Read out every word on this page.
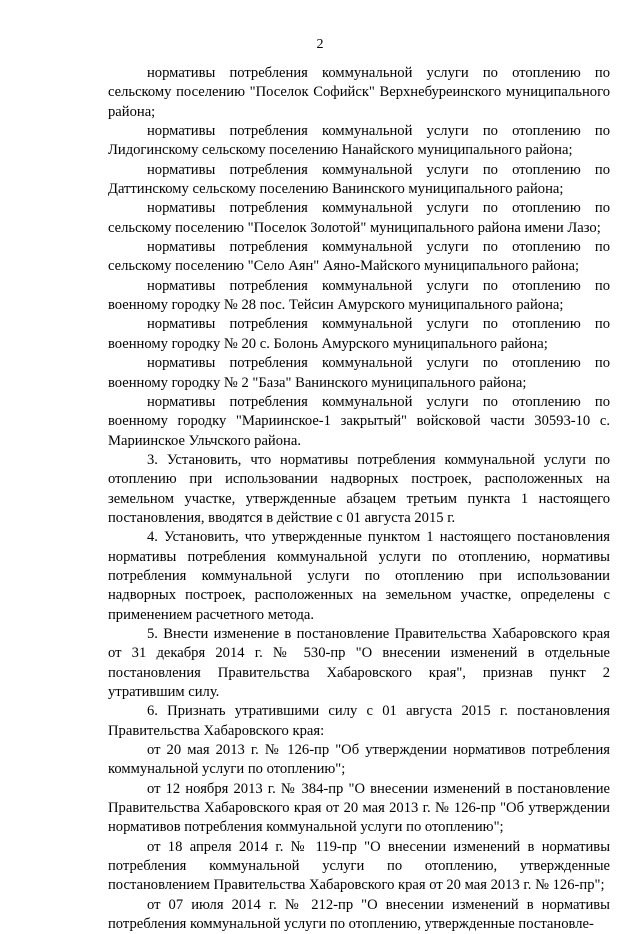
2

нормативы потребления коммунальной услуги по отоплению по сельскому поселению "Поселок Софийск" Верхнебуреинского муниципального района;

нормативы потребления коммунальной услуги по отоплению по Лидогинскому сельскому поселению Нанайского муниципального района;

нормативы потребления коммунальной услуги по отоплению по Даттинскому сельскому поселению Ванинского муниципального района;

нормативы потребления коммунальной услуги по отоплению по сельскому поселению "Поселок Золотой" муниципального района имени Лазо;

нормативы потребления коммунальной услуги по отоплению по сельскому поселению "Село Аян" Аяно-Майского муниципального района;

нормативы потребления коммунальной услуги по отоплению по военному городку № 28 пос. Тейсин Амурского муниципального района;

нормативы потребления коммунальной услуги по отоплению по военному городку № 20 с. Болонь Амурского муниципального района;

нормативы потребления коммунальной услуги по отоплению по военному городку № 2 "База" Ванинского муниципального района;

нормативы потребления коммунальной услуги по отоплению по военному городку "Мариинское-1 закрытый" войсковой части 30593-10 с. Мариинское Ульчского района.

3. Установить, что нормативы потребления коммунальной услуги по отоплению при использовании надворных построек, расположенных на земельном участке, утвержденные абзацем третьим пункта 1 настоящего постановления, вводятся в действие с 01 августа 2015 г.

4. Установить, что утвержденные пунктом 1 настоящего постановления нормативы потребления коммунальной услуги по отоплению, нормативы потребления коммунальной услуги по отоплению при использовании надворных построек, расположенных на земельном участке, определены с применением расчетного метода.

5. Внести изменение в постановление Правительства Хабаровского края от 31 декабря 2014 г. № 530-пр "О внесении изменений в отдельные постановления Правительства Хабаровского края", признав пункт 2 утратившим силу.

6. Признать утратившими силу с 01 августа 2015 г. постановления Правительства Хабаровского края:

от 20 мая 2013 г. № 126-пр "Об утверждении нормативов потребления коммунальной услуги по отоплению";

от 12 ноября 2013 г. № 384-пр "О внесении изменений в постановление Правительства Хабаровского края от 20 мая 2013 г. № 126-пр "Об утверждении нормативов потребления коммунальной услуги по отоплению";

от 18 апреля 2014 г. № 119-пр "О внесении изменений в нормативы потребления коммунальной услуги по отоплению, утвержденные постановлением Правительства Хабаровского края от 20 мая 2013 г. № 126-пр";

от 07 июля 2014 г. № 212-пр "О внесении изменений в нормативы потребления коммунальной услуги по отоплению, утвержденные постановле-
